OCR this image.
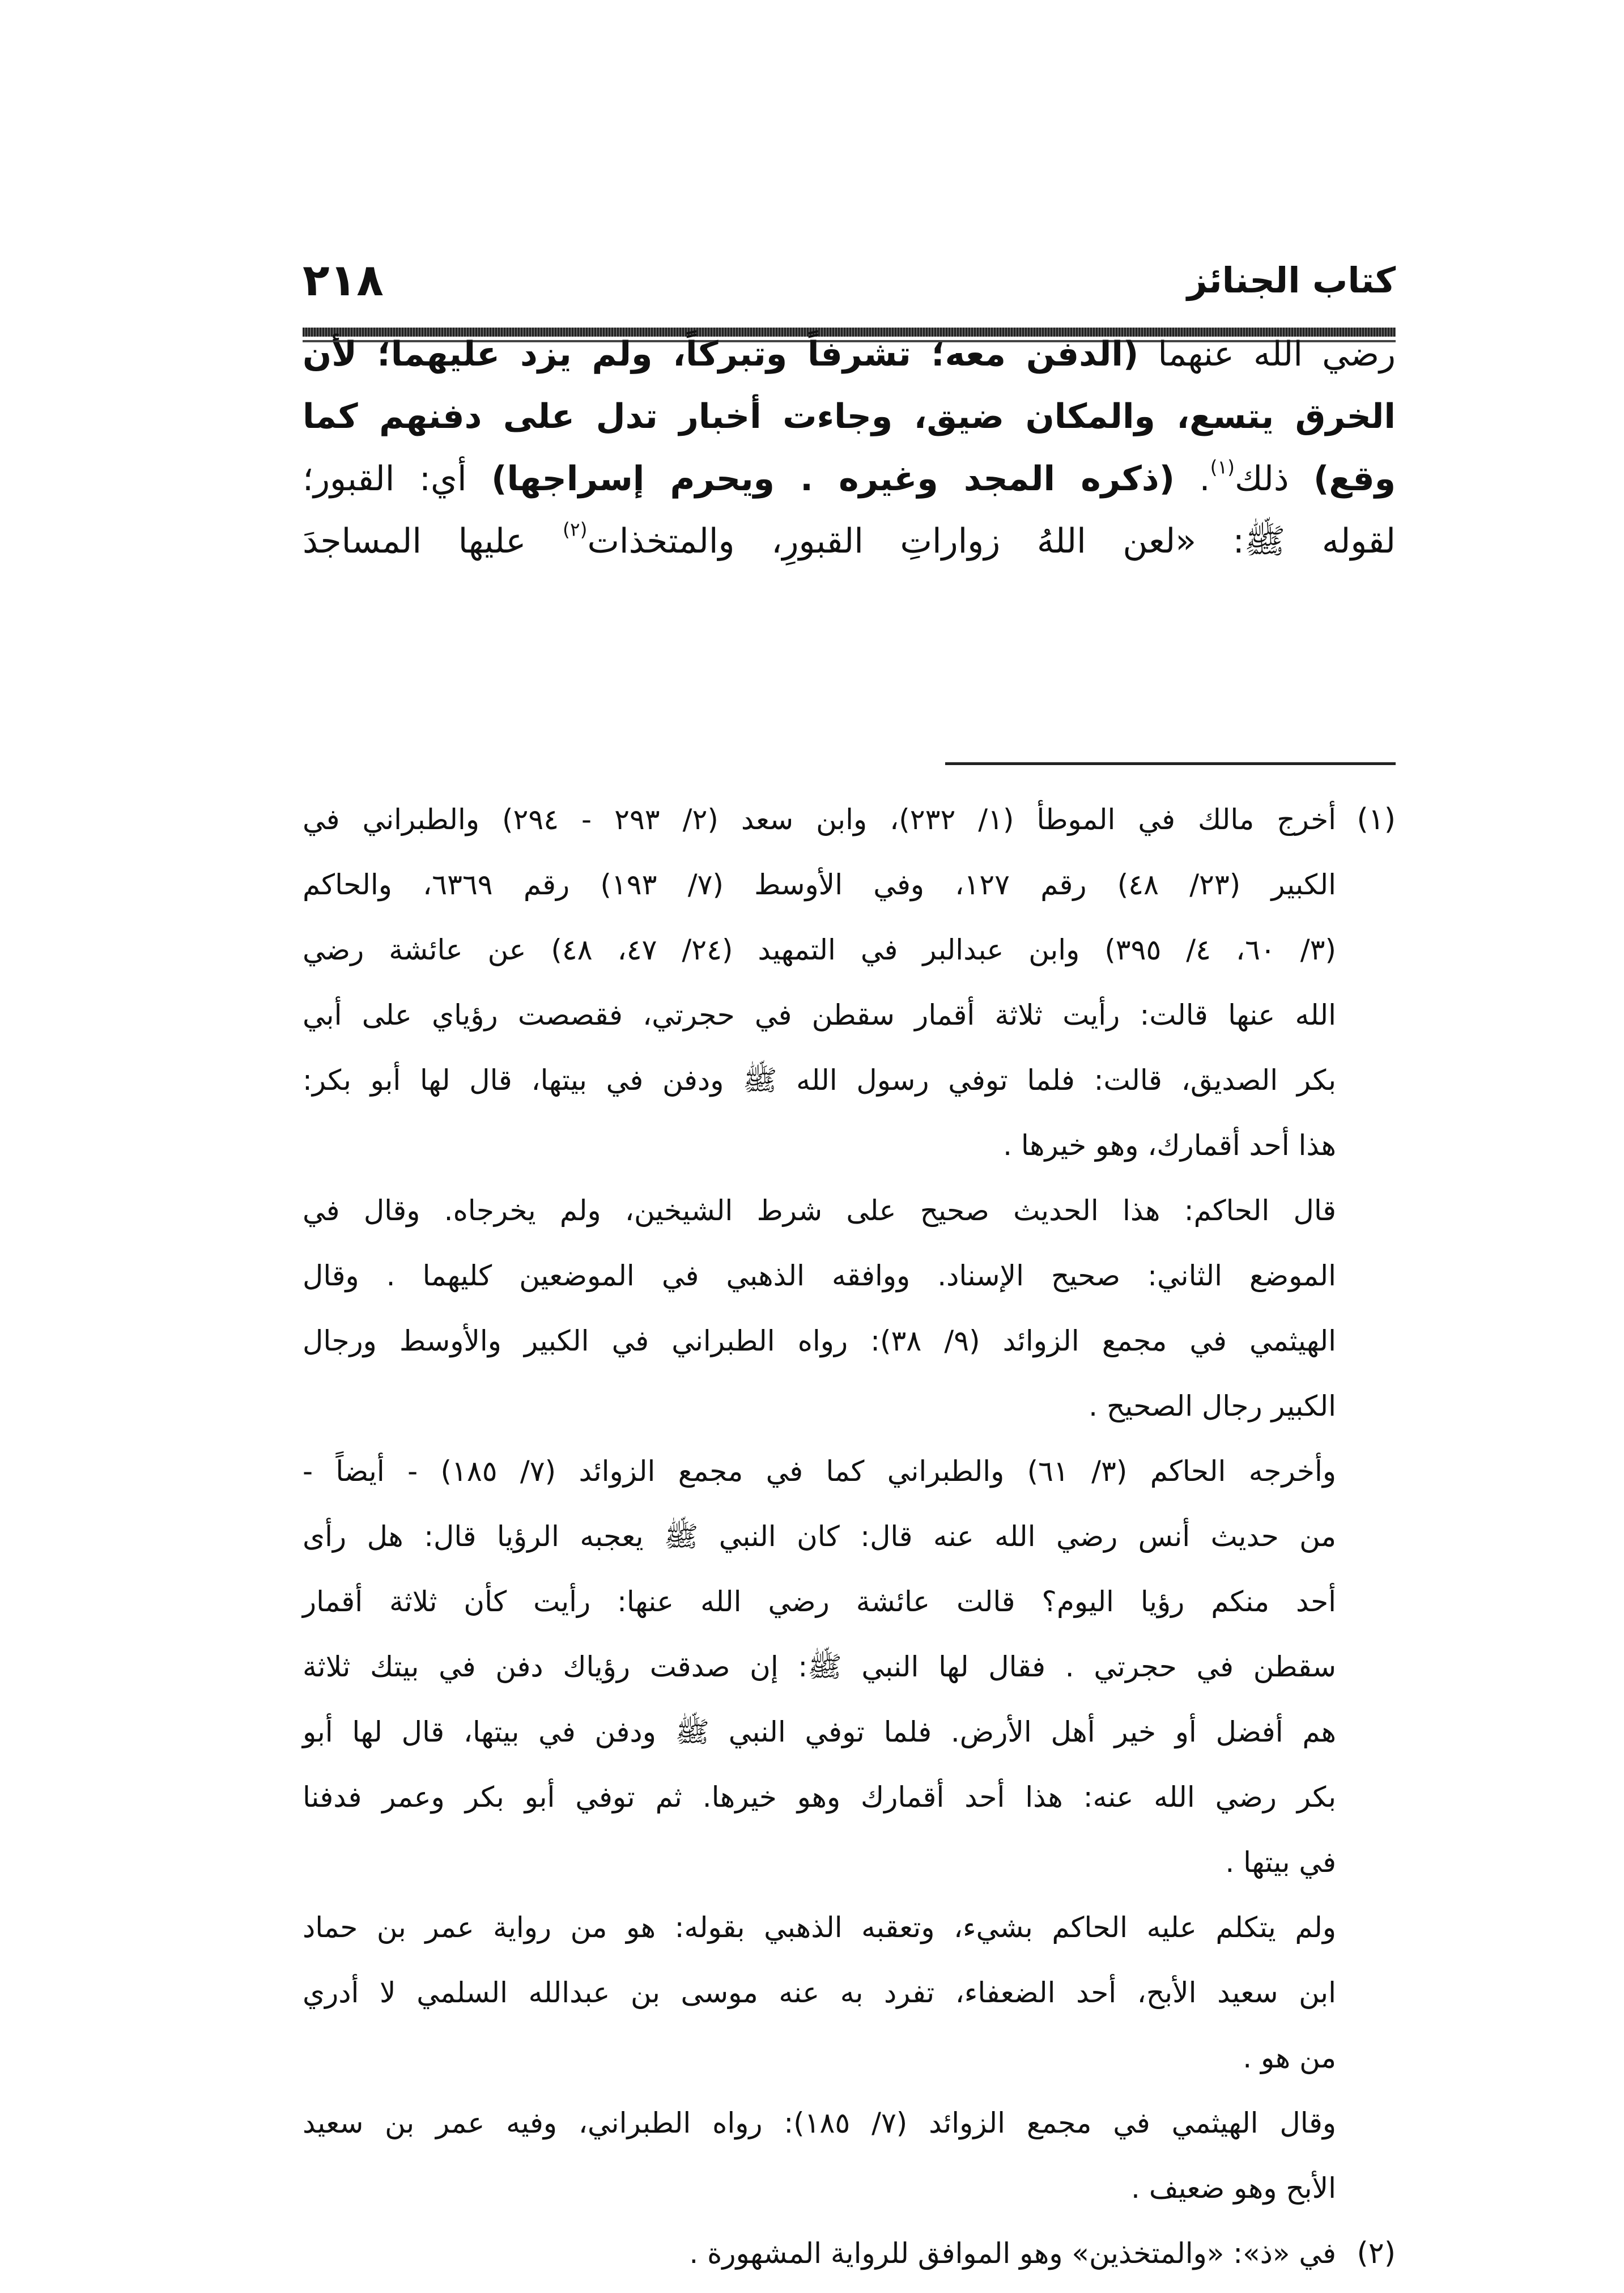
٢١٨	كتاب الجنائز
رضي الله عنهما (الدفن معه؛ تشرفاً وتبركاً، ولم يزد عليهما؛ لأن
الخرق يتسع، والمكان ضيق، وجاءت أخبار تدل على دفنهم كما
وقع) ذلك$^{(١)}$. (ذكره المجد وغيره . ويحرم إسراجها) أي: القبور؛
لقوله ﷺ: «لعن اللهُ زواراتِ القبورِ، والمتخذات$^{(٢)}$ عليها المساجدَ
(١)
أخرج مالك في الموطأ (١/ ٢٣٢)، وابن سعد (٢/ ٢٩٣ - ٢٩٤) والطبراني في
الكبير (٢٣/ ٤٨) رقم ١٢٧، وفي الأوسط (٧/ ١٩٣) رقم ٦٣٦٩، والحاكم
(٣/ ٦٠، ٤/ ٣٩٥) وابن عبدالبر في التمهيد (٢٤/ ٤٧، ٤٨) عن عائشة رضي
الله عنها قالت: رأيت ثلاثة أقمار سقطن في حجرتي، فقصصت رؤياي على أبي
بكر الصديق، قالت: فلما توفي رسول الله ﷺ ودفن في بيتها، قال لها أبو بكر:
هذا أحد أقمارك، وهو خيرها .
قال الحاكم: هذا الحديث صحيح على شرط الشيخين، ولم يخرجاه. وقال في
الموضع الثاني: صحيح الإسناد. ووافقه الذهبي في الموضعين كليهما . وقال
الهيثمي في مجمع الزوائد (٩/ ٣٨): رواه الطبراني في الكبير والأوسط ورجال
الكبير رجال الصحيح .
وأخرجه الحاكم (٣/ ٦١) والطبراني كما في مجمع الزوائد (٧/ ١٨٥) - أيضاً -
من حديث أنس رضي الله عنه قال: كان النبي ﷺ يعجبه الرؤيا قال: هل رأى
أحد منكم رؤيا اليوم؟ قالت عائشة رضي الله عنها: رأيت كأن ثلاثة أقمار
سقطن في حجرتي . فقال لها النبي ﷺ: إن صدقت رؤياك دفن في بيتك ثلاثة
هم أفضل أو خير أهل الأرض. فلما توفي النبي ﷺ ودفن في بيتها، قال لها أبو
بكر رضي الله عنه: هذا أحد أقمارك وهو خيرها. ثم توفي أبو بكر وعمر فدفنا
في بيتها .
ولم يتكلم عليه الحاكم بشيء، وتعقبه الذهبي بقوله: هو من رواية عمر بن حماد
ابن سعيد الأبح، أحد الضعفاء، تفرد به عنه موسى بن عبدالله السلمي لا أدري
من هو .
وقال الهيثمي في مجمع الزوائد (٧/ ١٨٥): رواه الطبراني، وفيه عمر بن سعيد
الأبح وهو ضعيف .
(٢)
في «ذ»: «والمتخذين» وهو الموافق للرواية المشهورة .
